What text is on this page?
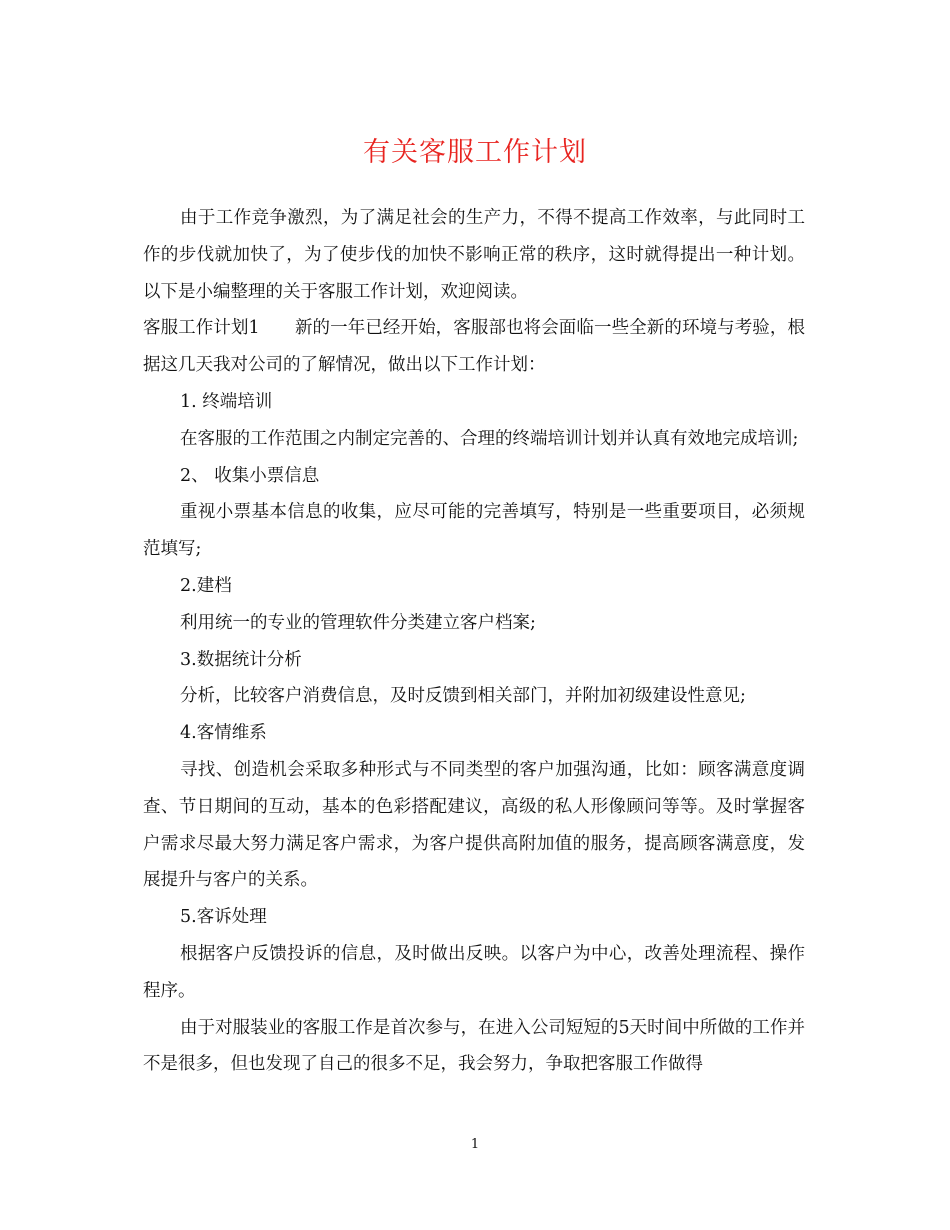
有关客服工作计划

由于工作竞争激烈，为了满足社会的生产力，不得不提高工作效率，与此同时工作的步伐就加快了，为了使步伐的加快不影响正常的秩序，这时就得提出一种计划。以下是小编整理的关于客服工作计划，欢迎阅读。

客服工作计划1　　新的一年已经开始，客服部也将会面临一些全新的环境与考验，根据这几天我对公司的了解情况，做出以下工作计划：

1. 终端培训

在客服的工作范围之内制定完善的、合理的终端培训计划并认真有效地完成培训;

2、 收集小票信息

重视小票基本信息的收集，应尽可能的完善填写，特别是一些重要项目，必须规范填写;

2.建档

利用统一的专业的管理软件分类建立客户档案;

3.数据统计分析

分析，比较客户消费信息，及时反馈到相关部门，并附加初级建设性意见;

4.客情维系

寻找、创造机会采取多种形式与不同类型的客户加强沟通，比如：顾客满意度调查、节日期间的互动，基本的色彩搭配建议，高级的私人形像顾问等等。及时掌握客户需求尽最大努力满足客户需求，为客户提供高附加值的服务，提高顾客满意度，发展提升与客户的关系。

5.客诉处理

根据客户反馈投诉的信息，及时做出反映。以客户为中心，改善处理流程、操作程序。

由于对服装业的客服工作是首次参与，在进入公司短短的5天时间中所做的工作并不是很多，但也发现了自己的很多不足，我会努力，争取把客服工作做得

1
